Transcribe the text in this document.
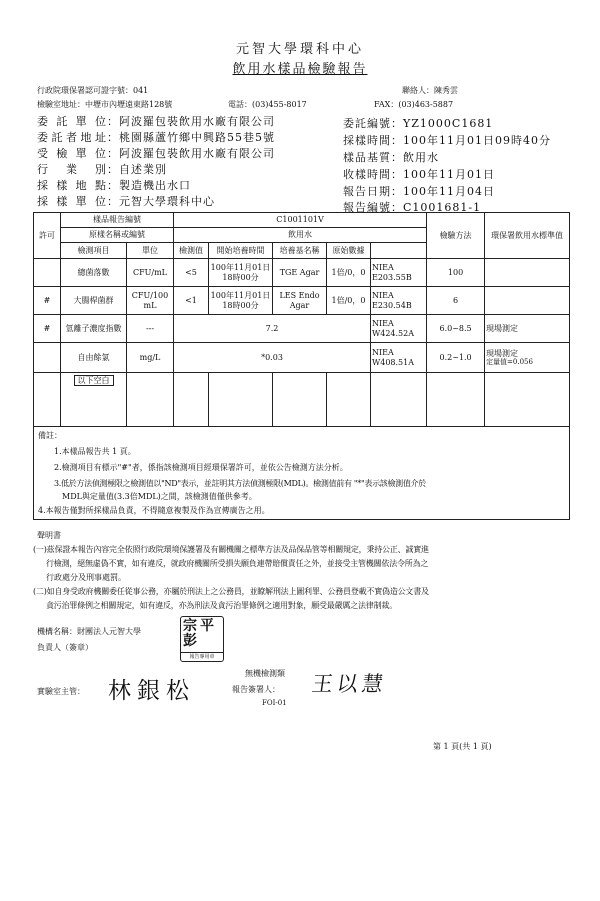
元智大學環科中心
飲用水樣品檢驗報告
行政院環保署認可證字號：041	聯絡人：陳秀雲
檢驗室地址：中壢市內壢遠東路128號	電話：(03)455-8017	FAX：(03)463-5887
委託單位：阿波羅包裝飲用水廠有限公司
委託者地址：桃園縣蘆竹鄉中興路55巷5號
受檢單位：阿波羅包裝飲用水廠有限公司
行業別：自述業別
採樣地點：製造機出水口
採樣單位：元智大學環科中心
委託編號：YZ1000C1681
採樣時間：100年11月01日09時40分
樣品基質：飲用水
收樣時間：100年11月01日
報告日期：100年11月04日
報告編號：C1001681-1
許可	樣品報告編號		C1001101V					檢驗方法	環保署飲用水標準值	
	原樣名稱或編號		飲用水							
	檢測項目	單位	檢測值	開始培養時間	培養基名稱	原始數據				
	總菌落數	CFU/mL	<5	100年11月01日18時00分	TGE Agar	1倍/0，0	NIEA E203.55B	100		
#	大腸桿菌群	CFU/100 mL	<1	100年11月01日18時00分	LES Endo Agar	1倍/0，0	NIEA E230.54B	6		
#	氫離子濃度指數	---	7.2				NIEA W424.52A	6.0~8.5	現場測定	
	自由餘氯	mg/L	*0.03				NIEA W408.51A	0.2~1.0	現場測定
定量值=0.056	

	以下空白									
備註：
1.本樣品報告共 1 頁。
2.檢測項目有標示"#"者，係指該檢測項目經環保署許可，並依公告檢測方法分析。
3.低於方法偵測極限之檢測值以"ND"表示，並註明其方法偵測極限(MDL)。檢測值前有 "*"表示該檢測值介於
MDL與定量值(3.3倍MDL)之間，該檢測值僅供參考。
4.本報告僅對所採樣品負責，不得隨意複製及作為宣傳廣告之用。
聲明書
(一)茲保證本報告內容完全依照行政院環境保護署及有關機關之標準方法及品保品管等相關規定，秉持公正、誠實進
行檢測，絕無虛偽不實，如有違反，就政府機關所受損失願負連帶賠償責任之外，並接受主管機關依法令所為之
行政處分及刑事處罰。
(二)如自身受政府機關委任從事公務，亦屬於刑法上之公務員，並瞭解刑法上圖利罪、公務員登載不實偽造公文書及
貪污治罪條例之相關規定，如有違反，亦為刑法及貪污治罪條例之適用對象，願受最嚴厲之法律制裁。
機構名稱：財團法人元智大學
負責人（簽章）
宗平彭
報告專用章
實驗室主管： 林銀松
無機檢測類
報告簽署人：
FOI-01
王以慧
第 1 頁(共 1 頁)
